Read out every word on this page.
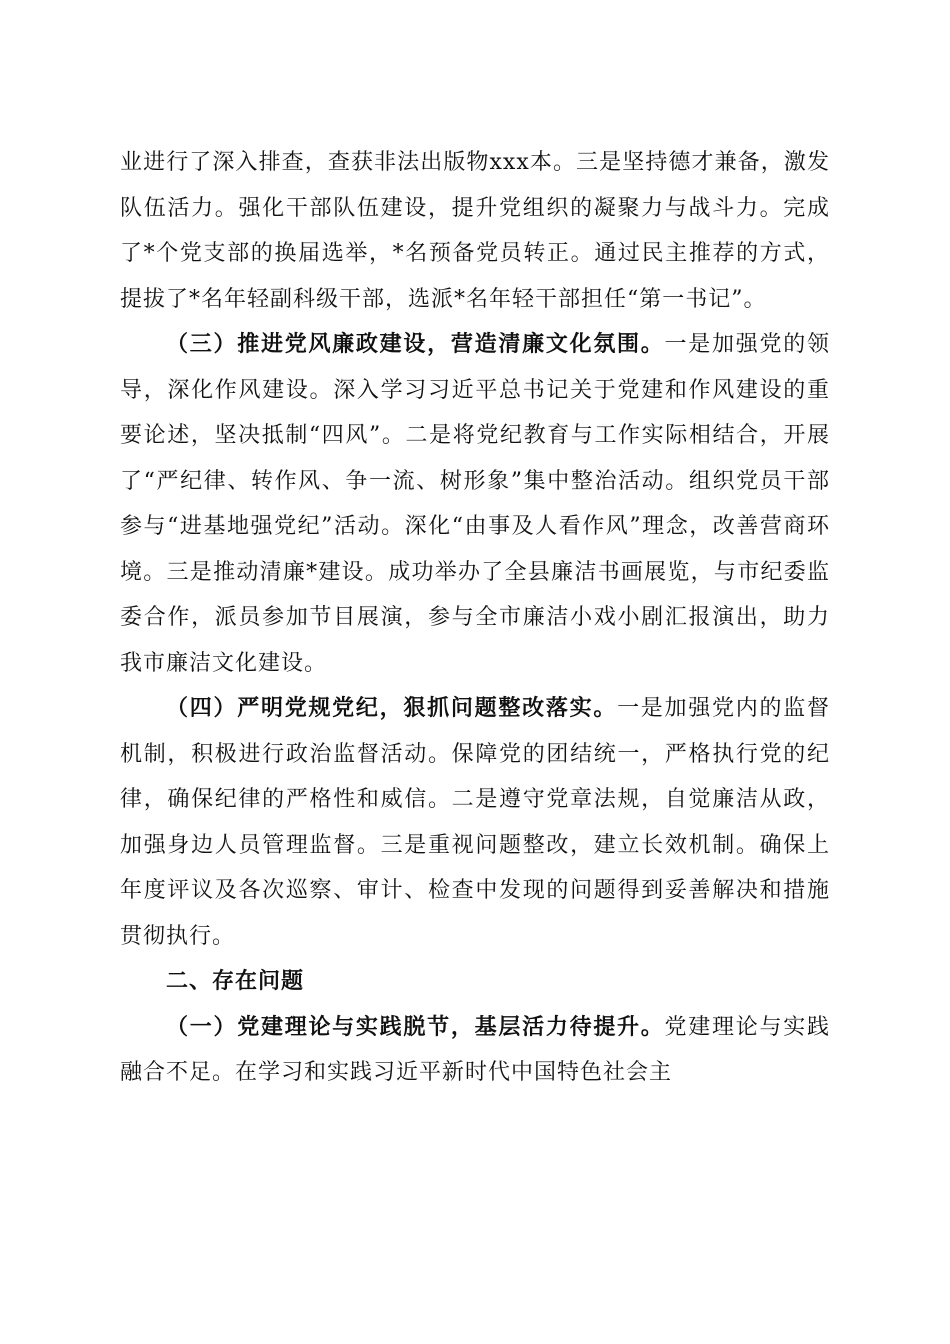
业进行了深入排查，查获非法出版物xxx本。三是坚持德才兼备，激发队伍活力。强化干部队伍建设，提升党组织的凝聚力与战斗力。完成了*个党支部的换届选举，*名预备党员转正。通过民主推荐的方式，提拔了*名年轻副科级干部，选派*名年轻干部担任“第一书记”。

（三）推进党风廉政建设，营造清廉文化氛围。一是加强党的领导，深化作风建设。深入学习习近平总书记关于党建和作风建设的重要论述，坚决抵制“四风”。二是将党纪教育与工作实际相结合，开展了“严纪律、转作风、争一流、树形象”集中整治活动。组织党员干部参与“进基地强党纪”活动。深化“由事及人看作风”理念，改善营商环境。三是推动清廉*建设。成功举办了全县廉洁书画展览，与市纪委监委合作，派员参加节目展演，参与全市廉洁小戏小剧汇报演出，助力我市廉洁文化建设。

（四）严明党规党纪，狠抓问题整改落实。一是加强党内的监督机制，积极进行政治监督活动。保障党的团结统一，严格执行党的纪律，确保纪律的严格性和威信。二是遵守党章法规，自觉廉洁从政，加强身边人员管理监督。三是重视问题整改，建立长效机制。确保上年度评议及各次巡察、审计、检查中发现的问题得到妥善解决和措施贯彻执行。

二、存在问题

（一）党建理论与实践脱节，基层活力待提升。党建理论与实践融合不足。在学习和实践习近平新时代中国特色社会主
